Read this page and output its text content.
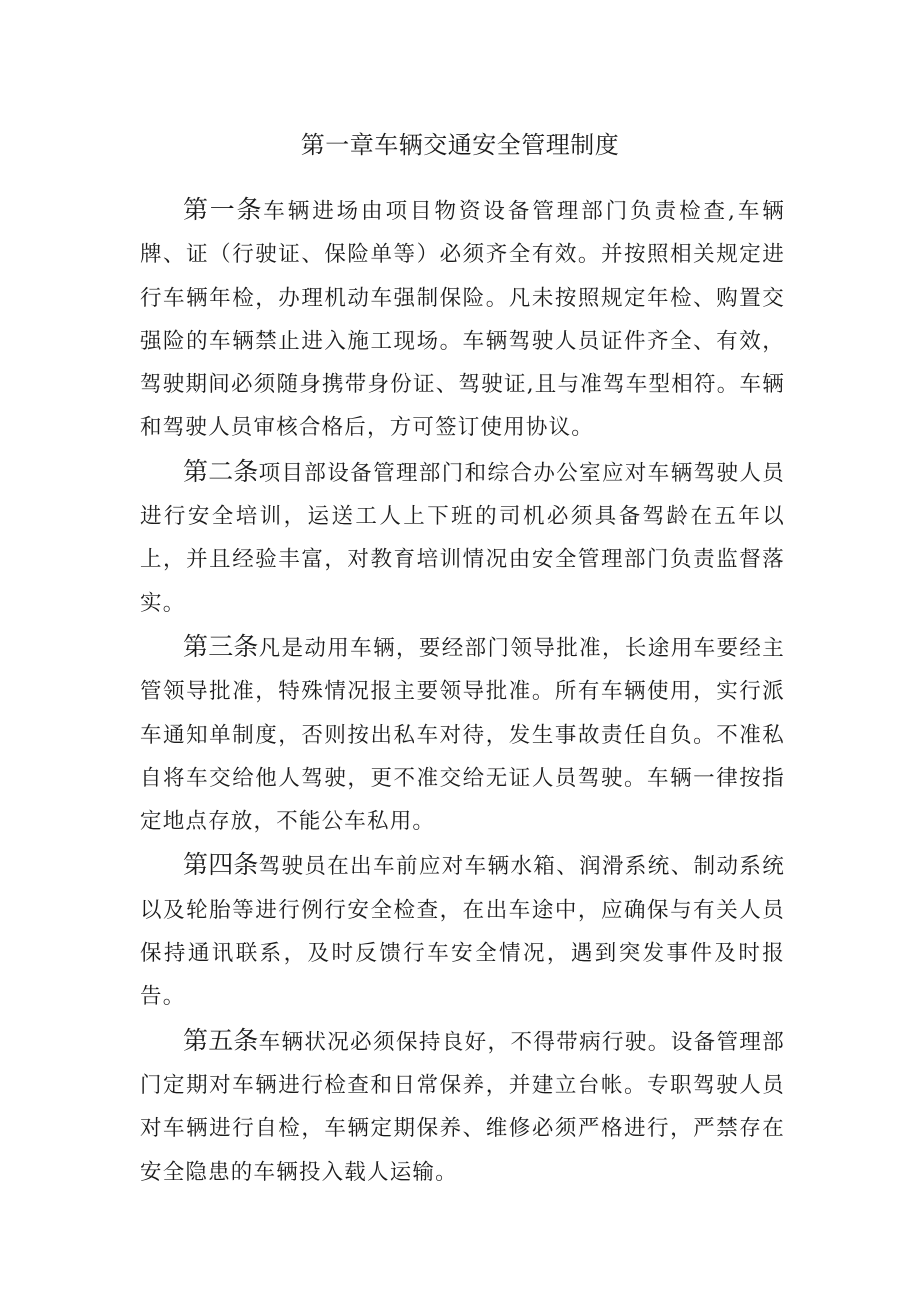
第一章车辆交通安全管理制度

第一条车辆进场由项目物资设备管理部门负责检查,车辆牌、证（行驶证、保险单等）必须齐全有效。并按照相关规定进行车辆年检，办理机动车强制保险。凡未按照规定年检、购置交强险的车辆禁止进入施工现场。车辆驾驶人员证件齐全、有效，驾驶期间必须随身携带身份证、驾驶证,且与准驾车型相符。车辆和驾驶人员审核合格后，方可签订使用协议。

第二条项目部设备管理部门和综合办公室应对车辆驾驶人员进行安全培训，运送工人上下班的司机必须具备驾龄在五年以上，并且经验丰富，对教育培训情况由安全管理部门负责监督落实。

第三条凡是动用车辆，要经部门领导批准，长途用车要经主管领导批准，特殊情况报主要领导批准。所有车辆使用，实行派车通知单制度，否则按出私车对待，发生事故责任自负。不准私自将车交给他人驾驶，更不准交给无证人员驾驶。车辆一律按指定地点存放，不能公车私用。

第四条驾驶员在出车前应对车辆水箱、润滑系统、制动系统以及轮胎等进行例行安全检查，在出车途中，应确保与有关人员保持通讯联系，及时反馈行车安全情况，遇到突发事件及时报告。

第五条车辆状况必须保持良好，不得带病行驶。设备管理部门定期对车辆进行检查和日常保养，并建立台帐。专职驾驶人员对车辆进行自检，车辆定期保养、维修必须严格进行，严禁存在安全隐患的车辆投入载人运输。
